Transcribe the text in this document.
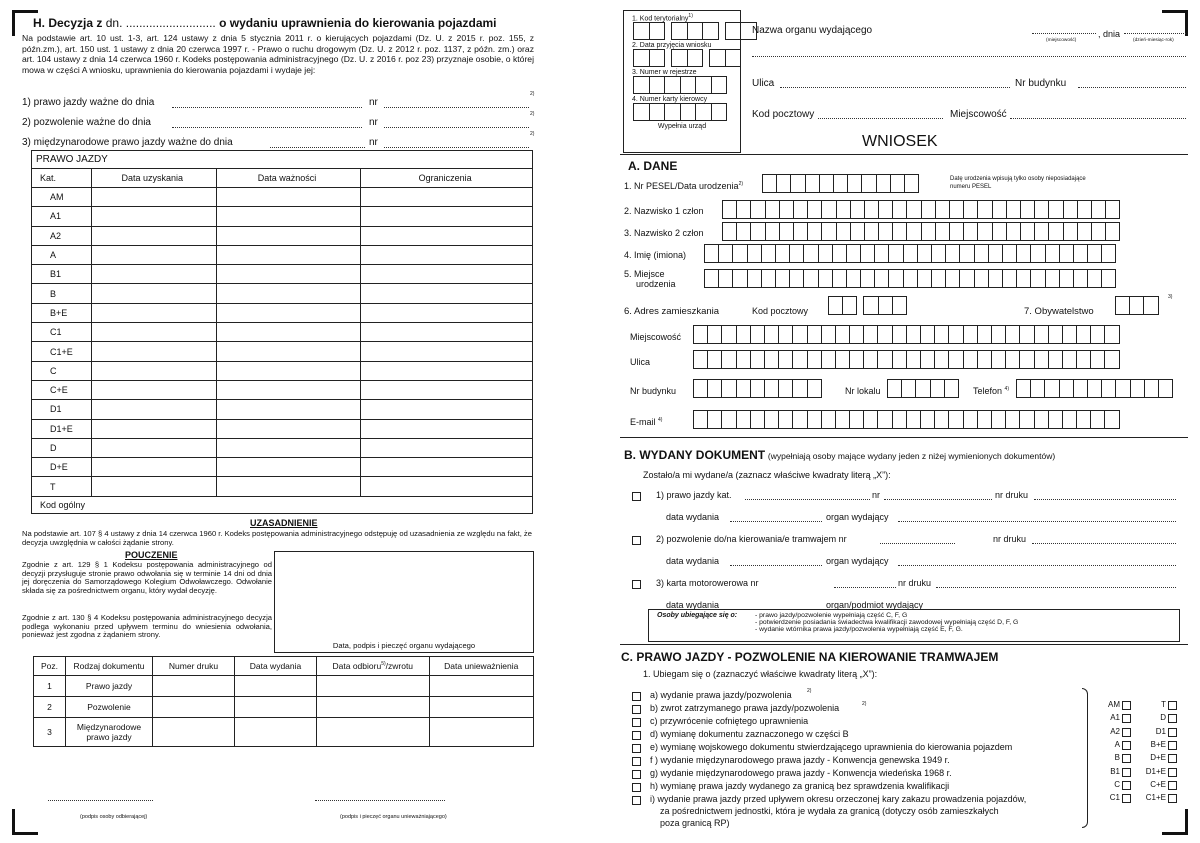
H. Decyzja z dn. ........................... o wydaniu uprawnienia do kierowania pojazdami
Na podstawie art. 10 ust. 1-3, art. 124 ustawy z dnia 5 stycznia 2011 r. o kierujących pojazdami (Dz. U. z 2015 r. poz. 155, z późn.zm.), art. 150 ust. 1 ustawy z dnia 20 czerwca 1997 r. - Prawo o ruchu drogowym (Dz. U. z 2012 r. poz. 1137, z późn. zm.) oraz art. 104 ustawy z dnia 14 czerwca 1960 r. Kodeks postępowania administracyjnego (Dz. U. z 2016 r. poz 23) przyznaje osobie, o której mowa w części A wniosku, uprawnienia do kierowania pojazdami i wydaje jej:
PRAWO JAZDY
Kat.	Data uzyskania	Data ważności	Ograniczenia
AM			
A1			
A2			
A			
B1			
B			
B+E			
C1			
C1+E			
C			
C+E			
D1			
D1+E			
D			
D+E			
T			
Kod ogólny
UZASADNIENIE
Na podstawie art. 107 § 4 ustawy z dnia 14 czerwca 1960 r. Kodeks postępowania administracyjnego odstępuję od uzasadnienia ze względu na fakt, że decyzja uwzględnia w całości żądanie strony.
POUCZENIE
Zgodnie z art. 129 § 1 Kodeksu postępowania administracyjnego od decyzji przysługuje stronie prawo odwołania się w terminie 14 dni od dnia jej doręczenia do Samorządowego Kolegium Odwoławczego. Odwołanie składa się za pośrednictwem organu, który wydał decyzję.
Zgodnie z art. 130 § 4 Kodeksu postępowania administracyjnego decyzja podlega wykonaniu przed upływem terminu do wniesienia odwołania, ponieważ jest zgodna z żądaniem strony.
Data, podpis i pieczęć organu wydającego
Poz.	Rodzaj dokumentu	Numer druku	Data wydania	Data odbioru$^{5)}$/zwrotu	Data unieważnienia
1	Prawo jazdy				
2	Pozwolenie				
3	Międzynarodowe prawo jazdy				
(podpis osoby odbierającej)	(podpis i pieczęć organu unieważniającego)
1. Kod terytorialny$^{1)}$
2. Data przyjęcia wniosku
3. Numer w rejestrze
4. Numer karty kierowcy
Wypełnia urząd
Nazwa organu wydającego	, dnia
(miejscowość)	(dzień-miesiąc-rok)
Ulica	Nr budynku
Kod pocztowy	Miejscowość
WNIOSEK
A. DANE
1. Nr PESEL/Data urodzenia$^{2)}$
Datę urodzenia wpisują tylko osoby nieposiadające numeru PESEL
2. Nazwisko 1 człon
3. Nazwisko 2 człon
4. Imię (imiona)
5. Miejsce
urodzenia
6. Adres zamieszkania	Kod pocztowy	7. Obywatelstwo
3)
Miejscowość
Ulica
Nr budynku	Nr lokalu	Telefon $^{4)}$
E-mail $^{4)}$
B. WYDANY DOKUMENT (wypełniają osoby mające wydany jeden z niżej wymienionych dokumentów)
Zostało/a mi wydane/a (zaznacz właściwe kwadraty literą „X”):
1) prawo jazdy kat.	nr	nr druku
data wydania	organ wydający
2) pozwolenie do/na kierowania/e tramwajem nr	nr druku
data wydania	organ wydający
3) karta motorowerowa nr	nr druku
data wydania	organ/podmiot wydający
Osoby ubiegające się o:	- prawo jazdy/pozwolenie wypełniają część C, F, G
- potwierdzenie posiadania świadectwa kwalifikacji zawodowej wypełniają część D, F, G
- wydanie wtórnika prawa jazdy/pozwolenia wypełniają część E, F, G.
C. PRAWO JAZDY - POZWOLENIE NA KIEROWANIE TRAMWAJEM
1. Ubiegam się o (zaznaczyć właściwe kwadraty literą „X”):
a) wydanie prawa jazdy/pozwolenia
b) zwrot zatrzymanego prawa jazdy/pozwolenia
c) przywrócenie cofniętego uprawnienia
d) wymianę dokumentu zaznaczonego w części B
e) wymianę wojskowego dokumentu stwierdzającego uprawnienia do kierowania pojazdem
f ) wydanie międzynarodowego prawa jazdy - Konwencja genewska 1949 r.
g) wydanie międzynarodowego prawa jazdy - Konwencja wiedeńska 1968 r.
h) wymianę prawa jazdy wydanego za granicą bez sprawdzenia kwalifikacji
i) wydanie prawa jazdy przed upływem okresu orzeczonej kary zakazu prowadzenia pojazdów,
za pośrednictwem jednostki, która je wydała za granicą (dotyczy osób zamieszkałych
poza granicą RP)
2)
2)	AM
A1
A2
A
B
B1
C
C1
T
D
D1
B+E
D+E
D1+E
C+E
C1+E
1) prawo jazdy ważne do dnia	nr
2)
2) pozwolenie ważne do dnia	nr
2)
3) międzynarodowe prawo jazdy ważne do dnia	nr
2)
